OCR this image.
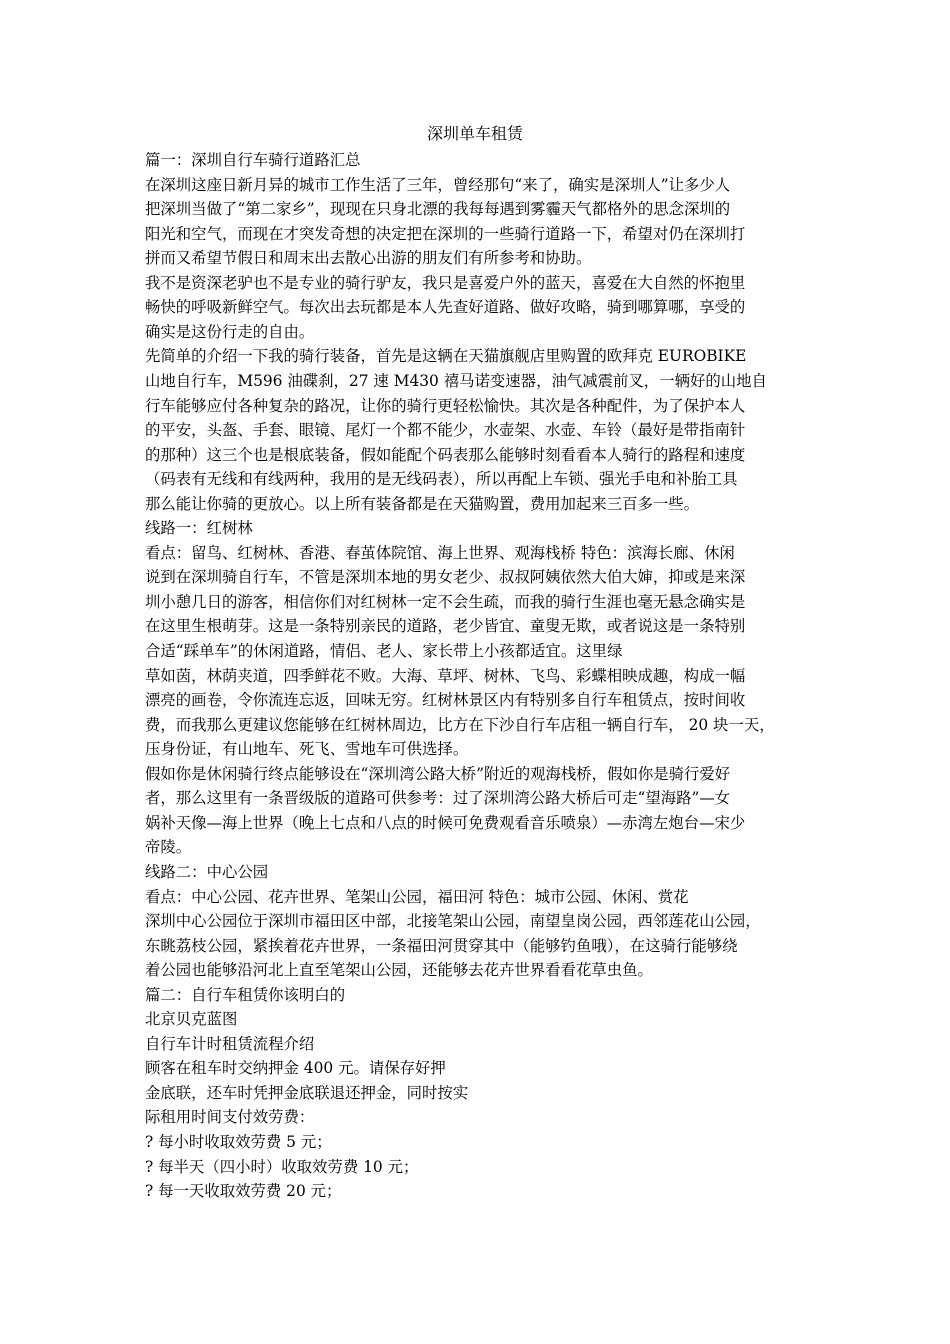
深圳单车租赁
篇一：深圳自行车骑行道路汇总
在深圳这座日新月异的城市工作生活了三年，曾经那句“来了，确实是深圳人”让多少人
把深圳当做了“第二家乡”，现现在只身北漂的我每每遇到雾霾天气都格外的思念深圳的
阳光和空气，而现在才突发奇想的决定把在深圳的一些骑行道路一下，希望对仍在深圳打
拼而又希望节假日和周末出去散心出游的朋友们有所参考和协助。
我不是资深老驴也不是专业的骑行驴友，我只是喜爱户外的蓝天，喜爱在大自然的怀抱里
畅快的呼吸新鲜空气。每次出去玩都是本人先查好道路、做好攻略，骑到哪算哪，享受的
确实是这份行走的自由。
先简单的介绍一下我的骑行装备，首先是这辆在天猫旗舰店里购置的欧拜克 EUROBIKE
山地自行车，M596 油碟刹，27 速 M430 禧马诺变速器，油气减震前叉，一辆好的山地自
行车能够应付各种复杂的路况，让你的骑行更轻松愉快。其次是各种配件，为了保护本人
的平安，头盔、手套、眼镜、尾灯一个都不能少，水壶架、水壶、车铃（最好是带指南针
的那种）这三个也是根底装备，假如能配个码表那么能够时刻看看本人骑行的路程和速度
（码表有无线和有线两种，我用的是无线码表），所以再配上车锁、强光手电和补胎工具
那么能让你骑的更放心。以上所有装备都是在天猫购置，费用加起来三百多一些。
线路一：红树林
看点：留鸟、红树林、香港、春茧体院馆、海上世界、观海栈桥 特色：滨海长廊、休闲
说到在深圳骑自行车，不管是深圳本地的男女老少、叔叔阿姨依然大伯大婶，抑或是来深
圳小憩几日的游客，相信你们对红树林一定不会生疏，而我的骑行生涯也毫无悬念确实是
在这里生根萌芽。这是一条特别亲民的道路，老少皆宜、童叟无欺，或者说这是一条特别
合适“踩单车”的休闲道路，情侣、老人、家长带上小孩都适宜。这里绿
草如茵，林荫夹道，四季鲜花不败。大海、草坪、树林、飞鸟、彩蝶相映成趣，构成一幅
漂亮的画卷，令你流连忘返，回味无穷。红树林景区内有特别多自行车租赁点，按时间收
费，而我那么更建议您能够在红树林周边，比方在下沙自行车店租一辆自行车， 20 块一天，
压身份证，有山地车、死飞、雪地车可供选择。
假如你是休闲骑行终点能够设在“深圳湾公路大桥”附近的观海栈桥，假如你是骑行爱好
者，那么这里有一条晋级版的道路可供参考：过了深圳湾公路大桥后可走“望海路”—女
娲补天像—海上世界（晚上七点和八点的时候可免费观看音乐喷泉）—赤湾左炮台—宋少
帝陵。
线路二：中心公园
看点：中心公园、花卉世界、笔架山公园，福田河 特色：城市公园、休闲、赏花
深圳中心公园位于深圳市福田区中部，北接笔架山公园，南望皇岗公园，西邻莲花山公园，
东眺荔枝公园，紧挨着花卉世界，一条福田河贯穿其中（能够钓鱼哦），在这骑行能够绕
着公园也能够沿河北上直至笔架山公园，还能够去花卉世界看看花草虫鱼。
篇二：自行车租赁你该明白的
北京贝克蓝图
自行车计时租赁流程介绍
顾客在租车时交纳押金 400 元。请保存好押
金底联，还车时凭押金底联退还押金，同时按实
际租用时间支付效劳费：
? 每小时收取效劳费 5 元；
? 每半天（四小时）收取效劳费 10 元；
? 每一天收取效劳费 20 元；
